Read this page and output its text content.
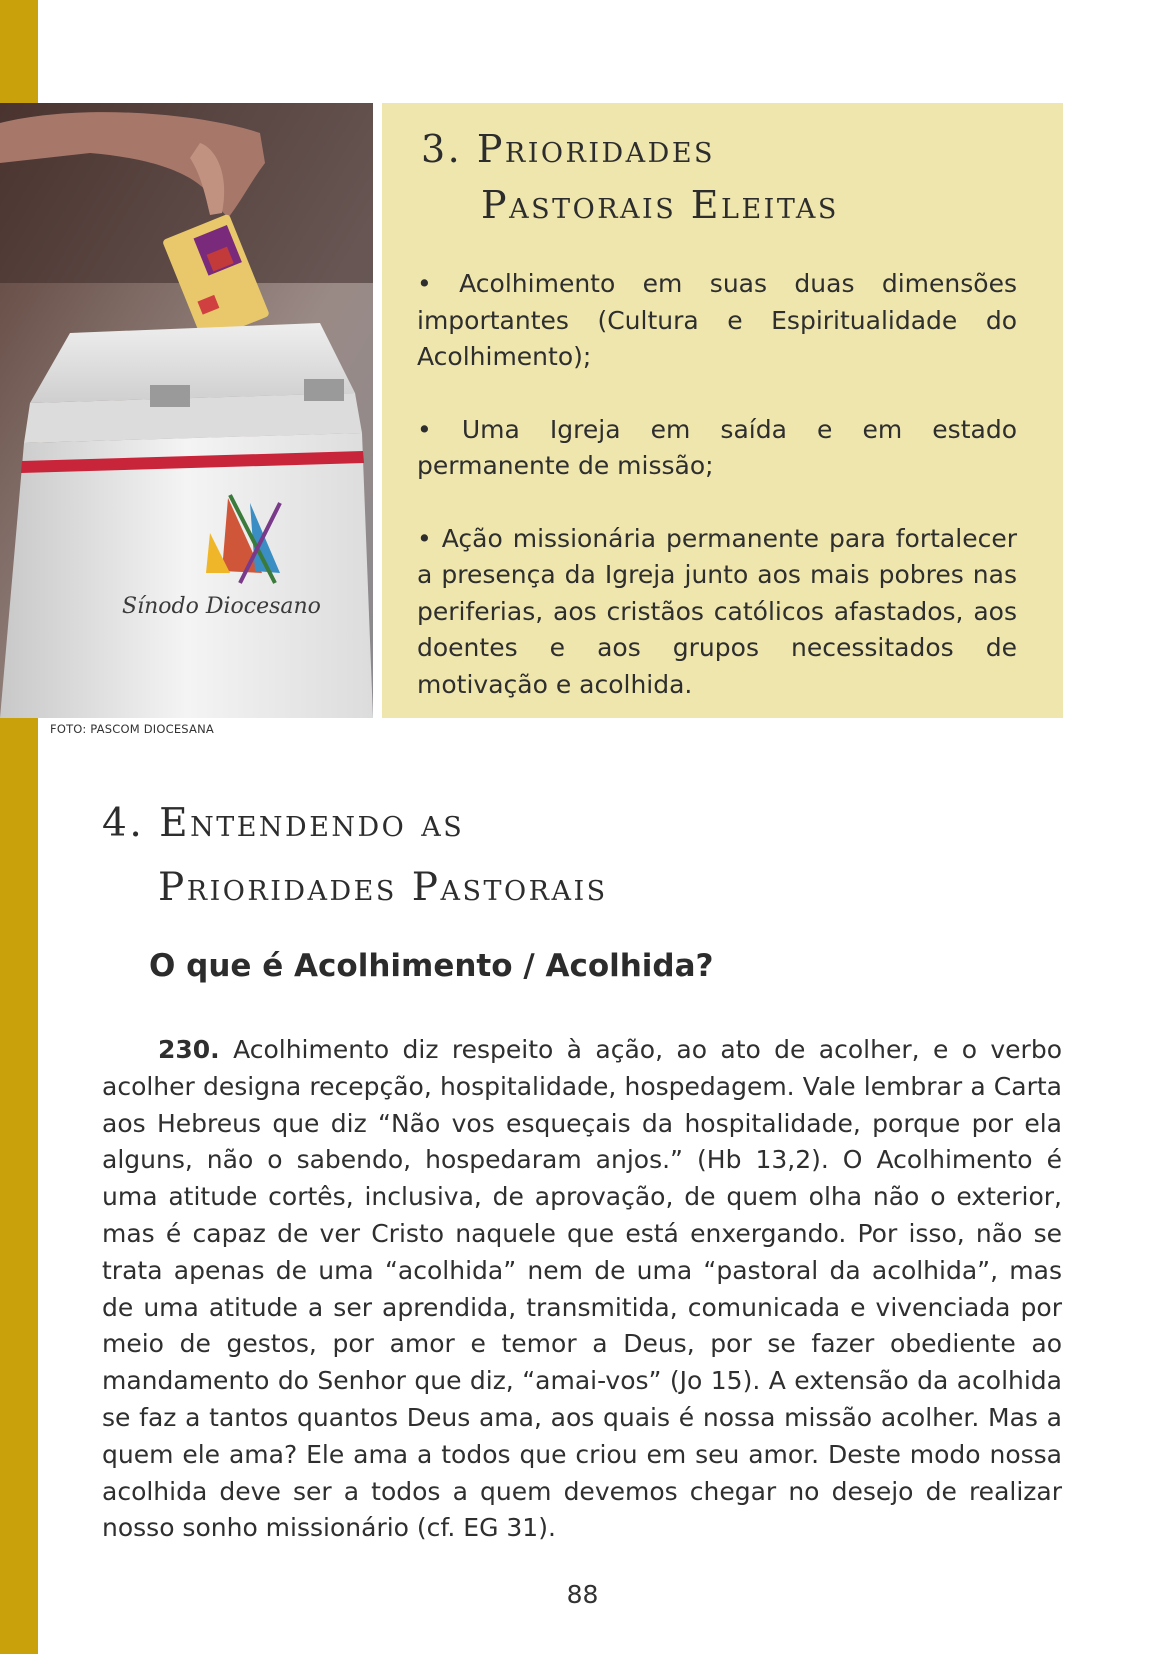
Sínodo Diocesano
FOTO: PASCOM DIOCESANA
3. Prioridades
Pastorais Eleitas

• Acolhimento em suas duas dimensões importantes (Cultura e Espiritualidade do Acolhimento);

• Uma Igreja em saída e em estado permanente de missão;

• Ação missionária permanente para fortalecer a presença da Igreja junto aos mais pobres nas periferias, aos cristãos católicos afastados, aos doentes e aos grupos necessitados de motivação e acolhida.

4. Entendendo as
Prioridades Pastorais
O que é Acolhimento / Acolhida?

230. Acolhimento diz respeito à ação, ao ato de acolher, e o verbo acolher designa recepção, hospitalidade, hospedagem. Vale lembrar a Carta aos Hebreus que diz “Não vos esqueçais da hospitalidade, porque por ela alguns, não o sabendo, hospedaram anjos.” (Hb 13,2). O Acolhimento é uma atitude cortês, inclusiva, de aprovação, de quem olha não o exterior, mas é capaz de ver Cristo naquele que está enxergando. Por isso, não se trata apenas de uma “acolhida” nem de uma “pastoral da acolhida”, mas de uma atitude a ser aprendida, transmitida, comunicada e vivenciada por meio de gestos, por amor e temor a Deus, por se fazer obediente ao mandamento do Senhor que diz, “amai-vos” (Jo 15). A extensão da acolhida se faz a tantos quantos Deus ama, aos quais é nossa missão acolher. Mas a quem ele ama? Ele ama a todos que criou em seu amor. Deste modo nossa acolhida deve ser a todos a quem devemos chegar no desejo de realizar nosso sonho missionário (cf. EG 31).

88
